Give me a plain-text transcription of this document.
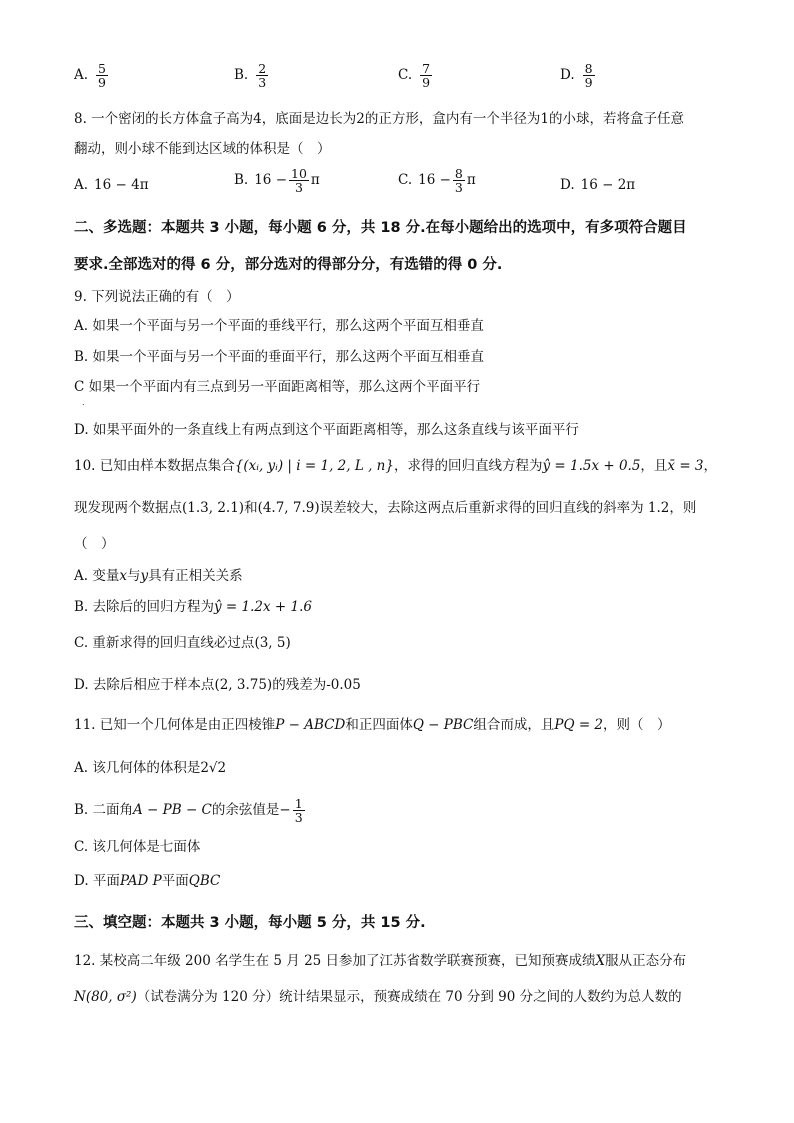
A. $\frac{5}{9}$	B. $\frac{2}{3}$	C. $\frac{7}{9}$	D. $\frac{8}{9}$
8. 一个密闭的长方体盒子高为4，底面是边长为2的正方形，盒内有一个半径为1的小球，若将盒子任意
翻动，则小球不能到达区域的体积是（　）
A. 16 − 4π	B. $16 - \frac{10}{3}$ π	C. $16 - \frac{8}{3}$ π	D. 16 − 2π
二、多选题：本题共 3 小题，每小题 6 分，共 18 分.在每小题给出的选项中，有多项符合题目
要求.全部选对的得 6 分，部分选对的得部分分，有选错的得 0 分.
9. 下列说法正确的有（　）
A. 如果一个平面与另一个平面的垂线平行，那么这两个平面互相垂直
B. 如果一个平面与另一个平面的垂面平行，那么这两个平面互相垂直
C 如果一个平面内有三点到另一平面距离相等，那么这两个平面平行
.
D. 如果平面外的一条直线上有两点到这个平面距离相等，那么这条直线与该平面平行
10. 已知由样本数据点集合{(xᵢ, yᵢ) | i = 1, 2, L , n}，求得的回归直线方程为ŷ = 1.5x + 0.5，且x̄ = 3，
现发现两个数据点(1.3, 2.1)和(4.7, 7.9)误差较大，去除这两点后重新求得的回归直线的斜率为 1.2，则
（　）
A. 变量x与y具有正相关关系
B. 去除后的回归方程为ŷ = 1.2x + 1.6
C. 重新求得的回归直线必过点(3, 5)
D. 去除后相应于样本点(2, 3.75)的残差为-0.05
11. 已知一个几何体是由正四棱锥P − ABCD和正四面体Q − PBC组合而成，且PQ = 2，则（　）
A. 该几何体的体积是2√2
B. 二面角A − PB − C的余弦值是− $\frac{1}{3}$
C. 该几何体是七面体
D. 平面PAD P平面QBC
三、填空题：本题共 3 小题，每小题 5 分，共 15 分.
12. 某校高二年级 200 名学生在 5 月 25 日参加了江苏省数学联赛预赛，已知预赛成绩X服从正态分布
N(80, σ²)（试卷满分为 120 分）统计结果显示，预赛成绩在 70 分到 90 分之间的人数约为总人数的
